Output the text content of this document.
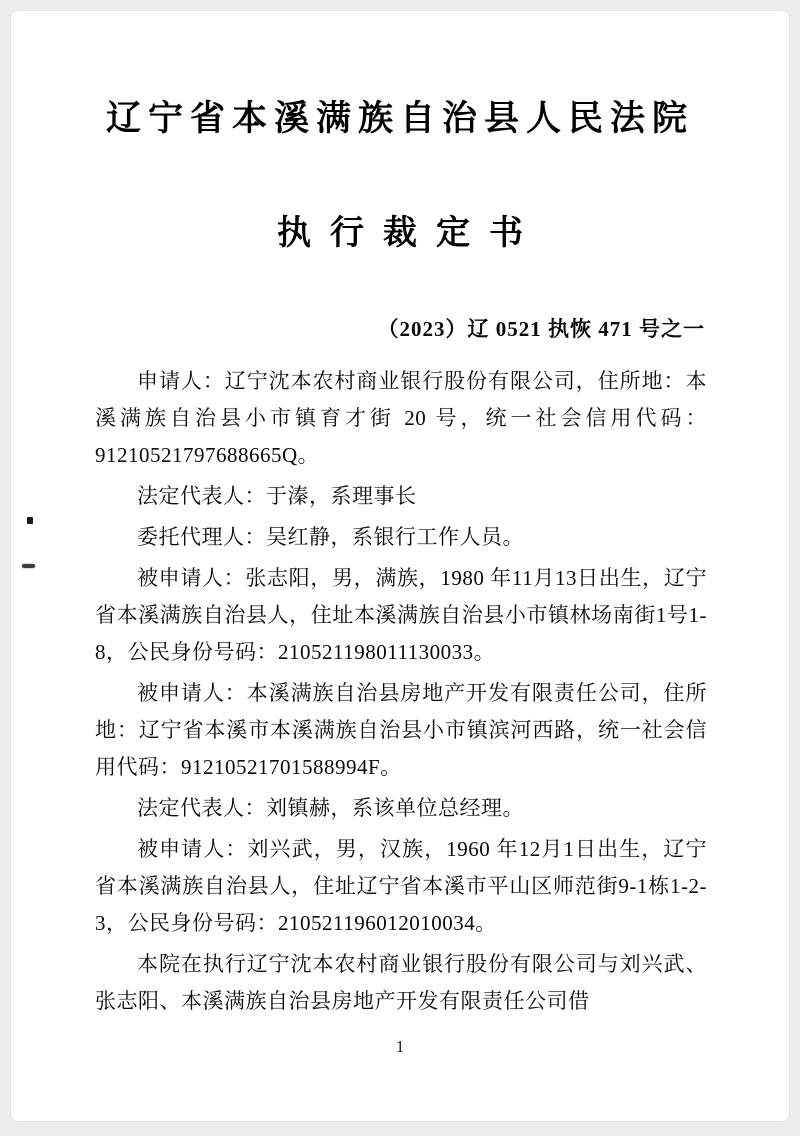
辽宁省本溪满族自治县人民法院
执行裁定书
（2023）辽 0521 执恢 471 号之一

申请人：辽宁沈本农村商业银行股份有限公司，住所地：本溪满族自治县小市镇育才街 20 号，统一社会信用代码：91210521797688665Q。

法定代表人：于溱，系理事长

委托代理人：吴红静，系银行工作人员。

被申请人：张志阳，男，满族，1980 年11月13日出生，辽宁省本溪满族自治县人，住址本溪满族自治县小市镇林场南街1号1-8，公民身份号码：210521198011130033。

被申请人：本溪满族自治县房地产开发有限责任公司，住所地：辽宁省本溪市本溪满族自治县小市镇滨河西路，统一社会信用代码：91210521701588994F。

法定代表人：刘镇赫，系该单位总经理。

被申请人：刘兴武，男，汉族，1960 年12月1日出生，辽宁省本溪满族自治县人，住址辽宁省本溪市平山区师范街9-1栋1-2-3，公民身份号码：210521196012010034。

本院在执行辽宁沈本农村商业银行股份有限公司与刘兴武、张志阳、本溪满族自治县房地产开发有限责任公司借

1
